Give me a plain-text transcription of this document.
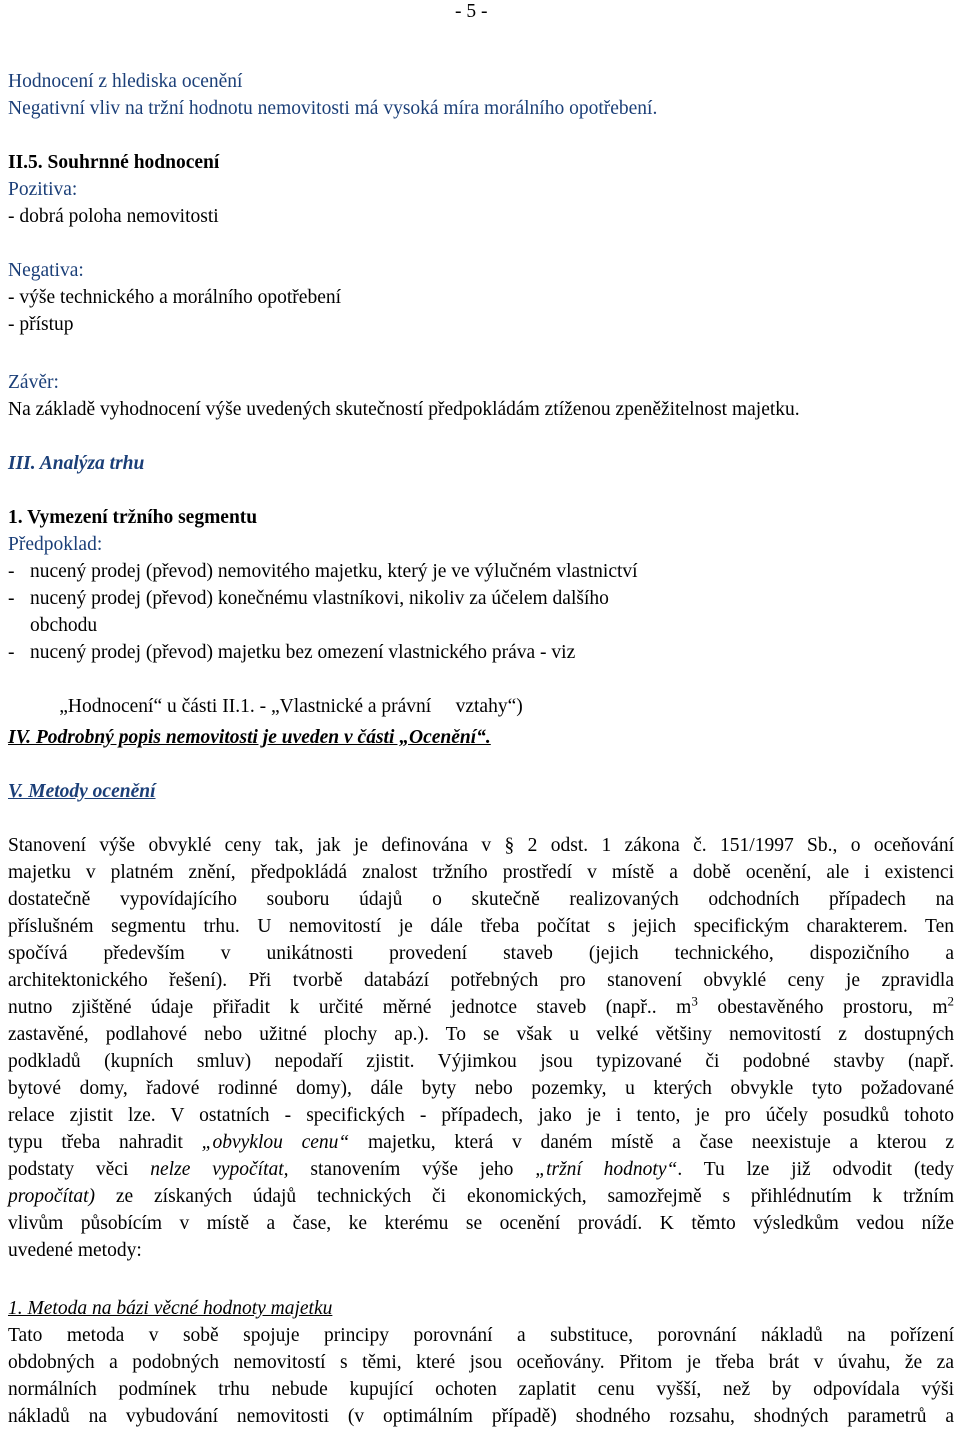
- 5 -
Hodnocení z hlediska ocenění
Negativní vliv na tržní hodnotu nemovitosti má vysoká míra morálního opotřebení.
II.5. Souhrnné hodnocení
Pozitiva:
- dobrá poloha nemovitosti
Negativa:
- výše technického a morálního opotřebení
- přístup
Závěr:
Na základě vyhodnocení výše uvedených skutečností předpokládám ztíženou zpeněžitelnost majetku.
III. Analýza trhu
1. Vymezení tržního segmentu
Předpoklad:
- nucený prodej (převod) nemovitého majetku, který je ve výlučném vlastnictví
- nucený prodej (převod) konečnému vlastníkovi, nikoliv za účelem dalšího
obchodu
- nucený prodej (převod) majetku bez omezení vlastnického práva - viz

„Hodnocení“ u části II.1. - „Vlastnické a právní     vztahy“)

IV. Podrobný popis nemovitosti je uveden v části „Ocenění“.
V. Metody ocenění
Stanovení výše obvyklé ceny tak, jak je definována v § 2 odst. 1 zákona č. 151/1997 Sb., o oceňování
majetku v platném znění, předpokládá znalost tržního prostředí v místě a době ocenění, ale i existenci
dostatečně vypovídajícího souboru údajů o skutečně realizovaných odchodních případech na
příslušném segmentu trhu. U nemovitostí je dále třeba počítat s jejich specifickým charakterem. Ten
spočívá především v unikátnosti provedení staveb (jejich technického, dispozičního a
architektonického řešení). Při tvorbě databází potřebných pro stanovení obvyklé ceny je zpravidla
nutno zjištěné údaje přiřadit k určité měrné jednotce staveb (např.. $m^3$ obestavěného prostoru, $m^2$
zastavěné, podlahové nebo užitné plochy ap.). To se však u velké většiny nemovitostí z dostupných
podkladů (kupních smluv) nepodaří zjistit. Výjimkou jsou typizované či podobné stavby (např.
bytové domy, řadové rodinné domy), dále byty nebo pozemky, u kterých obvykle tyto požadované
relace zjistit lze. V ostatních - specifických - případech, jako je i tento, je pro účely posudků tohoto
typu třeba nahradit „obvyklou cenu“ majetku, která v daném místě a čase neexistuje a kterou z
podstaty věci nelze vypočítat, stanovením výše jeho „tržní hodnoty“. Tu lze již odvodit (tedy
propočítat) ze získaných údajů technických či ekonomických, samozřejmě s přihlédnutím k tržním
vlivům působícím v místě a čase, ke kterému se ocenění provádí. K těmto výsledkům vedou níže
uvedené metody:
1. Metoda na bázi věcné hodnoty majetku
Tato metoda v sobě spojuje principy porovnání a substituce, porovnání nákladů na pořízení
obdobných a podobných nemovitostí s těmi, které jsou oceňovány. Přitom je třeba brát v úvahu, že za
normálních podmínek trhu nebude kupující ochoten zaplatit cenu vyšší, než by odpovídala výši
nákladů na vybudování nemovitosti (v optimálním případě) shodného rozsahu, shodných parametrů a
